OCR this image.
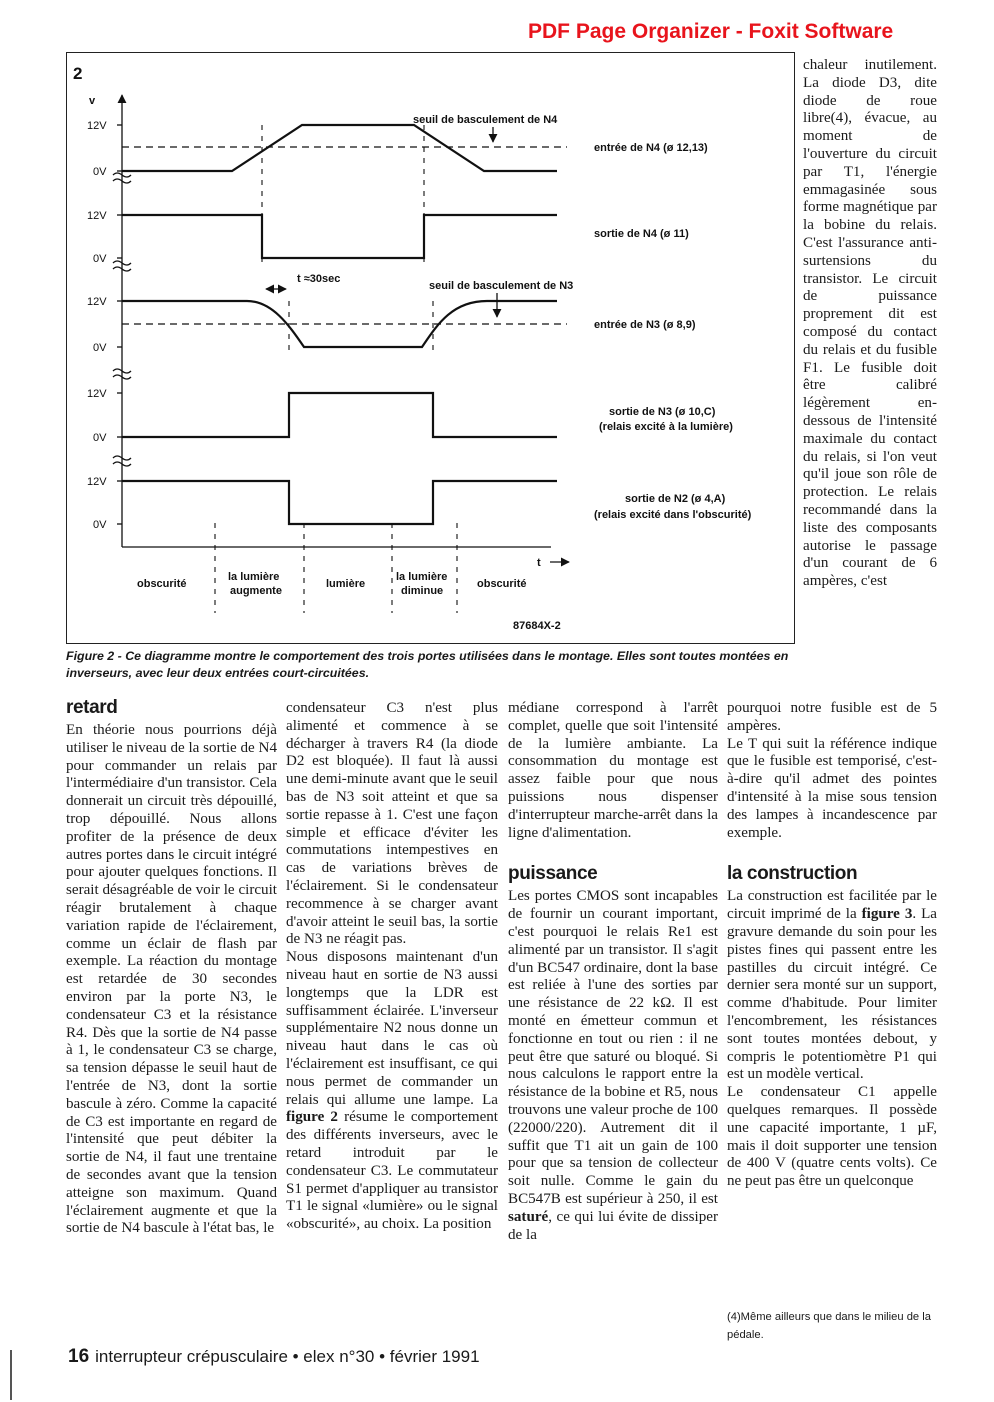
PDF Page Organizer - Foxit Software
2
v
12V
0V
12V
0V
12V
0V
12V
0V
12V
0V
seuil de basculement de N4
entrée de N4 (ø 12,13)
sortie de N4 (ø 11)
t ≈30sec
seuil de basculement de N3
entrée de N3 (ø 8,9)
sortie de N3 (ø 10,C)
(relais excité à la lumière)
sortie de N2 (ø 4,A)
(relais excité dans l'obscurité)
t
obscurité
la lumière
augmente
lumière
la lumière
diminue
obscurité
87684X-2

Figure 2 - Ce diagramme montre le comportement des trois portes utilisées dans le montage. Elles sont toutes montées en inverseurs, avec leur deux entrées court-circuitées.

chaleur inutilement. La diode D3, dite diode de roue libre(4), évacue, au moment de l'ouverture du circuit par T1, l'énergie emmagasinée sous forme magnétique par la bobine du relais. C'est l'assurance anti-surtensions du transistor. Le circuit de puissance proprement dit est composé du contact du relais et du fusible F1. Le fusible doit être calibré légèrement en-dessous de l'intensité maximale du contact du relais, si l'on veut qu'il joue son rôle de protection. Le relais recommandé dans la liste des composants autorise le passage d'un courant de 6 ampères, c'est

retard

En théorie nous pourrions déjà utiliser le niveau de la sortie de N4 pour commander un relais par l'intermédiaire d'un transistor. Cela donnerait un circuit très dépouillé, trop dépouillé. Nous allons profiter de la présence de deux autres portes dans le circuit intégré pour ajouter quelques fonctions. Il serait désagréable de voir le circuit réagir brutalement à chaque variation rapide de l'éclairement, comme un éclair de flash par exemple. La réaction du montage est retardée de 30 secondes environ par la porte N3, le condensateur C3 et la résistance R4. Dès que la sortie de N4 passe à 1, le condensateur C3 se charge, sa tension dépasse le seuil haut de l'entrée de N3, dont la sortie bascule à zéro. Comme la capacité de C3 est importante en regard de l'intensité que peut débiter la sortie de N4, il faut une trentaine de secondes avant que la tension atteigne son maximum. Quand l'éclairement augmente et que la sortie de N4 bascule à l'état bas, le

condensateur C3 n'est plus alimenté et commence à se décharger à travers R4 (la diode D2 est bloquée). Il faut là aussi une demi-minute avant que le seuil bas de N3 soit atteint et que sa sortie repasse à 1. C'est une façon simple et efficace d'éviter les commutations intempestives en cas de variations brèves de l'éclairement. Si le condensateur recommence à se charger avant d'avoir atteint le seuil bas, la sortie de N3 ne réagit pas.

Nous disposons maintenant d'un niveau haut en sortie de N3 aussi longtemps que la LDR est suffisamment éclairée. L'inverseur supplémentaire N2 nous donne un niveau haut dans le cas où l'éclairement est insuffisant, ce qui nous permet de commander un relais qui allume une lampe. La figure 2 résume le comportement des différents inverseurs, avec le retard introduit par le condensateur C3. Le commutateur S1 permet d'appliquer au transistor T1 le signal «lumière» ou le signal «obscurité», au choix. La position

médiane correspond à l'arrêt complet, quelle que soit l'intensité de la lumière ambiante. La consommation du montage est assez faible pour que nous puissions nous dispenser d'interrupteur marche-arrêt dans la ligne d'alimentation.

puissance

Les portes CMOS sont incapables de fournir un courant important, c'est pourquoi le relais Re1 est alimenté par un transistor. Il s'agit d'un BC547 ordinaire, dont la base est reliée à l'une des sorties par une résistance de 22 kΩ. Il est monté en émetteur commun et fonctionne en tout ou rien : il ne peut être que saturé ou bloqué. Si nous calculons le rapport entre la résistance de la bobine et R5, nous trouvons une valeur proche de 100 (22000/220). Autrement dit il suffit que T1 ait un gain de 100 pour que sa tension de collecteur soit nulle. Comme le gain du BC547B est supérieur à 250, il est saturé, ce qui lui évite de dissiper de la

pourquoi notre fusible est de 5 ampères.

Le T qui suit la référence indique que le fusible est temporisé, c'est-à-dire qu'il admet des pointes d'intensité à la mise sous tension des lampes à incandescence par exemple.

la construction

La construction est facilitée par le circuit imprimé de la figure 3. La gravure demande du soin pour les pistes fines qui passent entre les pastilles du circuit intégré. Ce dernier sera monté sur un support, comme d'habitude. Pour limiter l'encombrement, les résistances sont toutes montées debout, y compris le potentiomètre P1 qui est un modèle vertical.

Le condensateur C1 appelle quelques remarques. Il possède une capacité importante, 1 µF, mais il doit supporter une tension de 400 V (quatre cents volts). Ce ne peut pas être un quelconque

(4)Même ailleurs que dans le milieu de la pédale.

16 interrupteur crépusculaire • elex n°30 • février 1991
